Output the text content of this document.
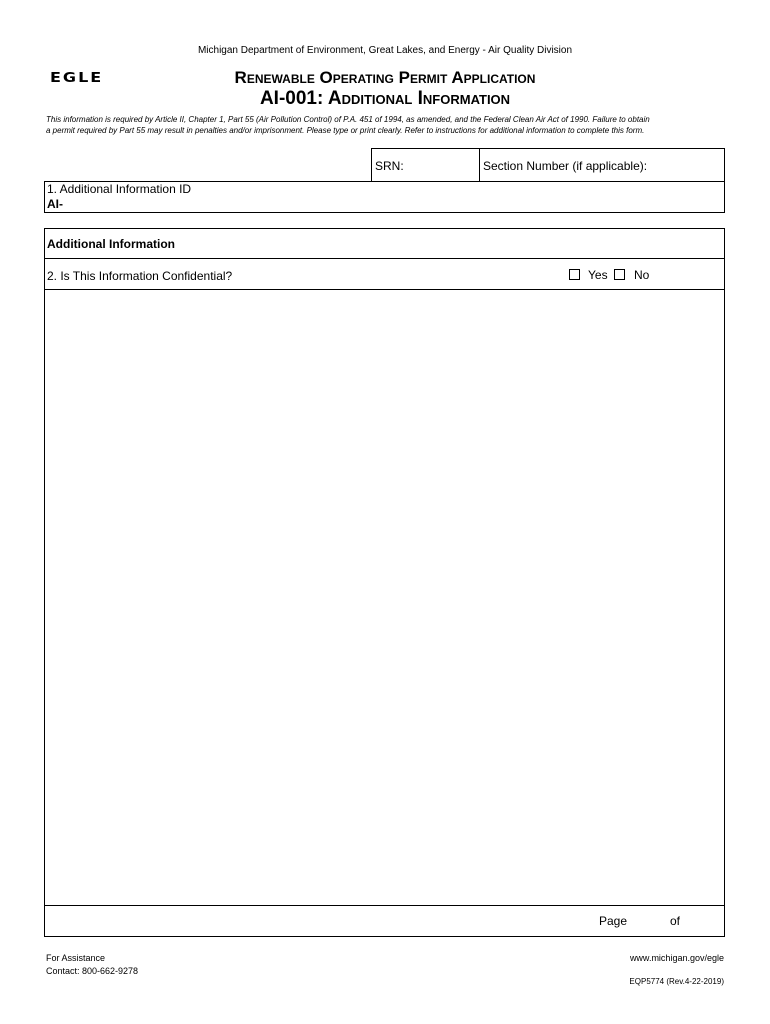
Michigan Department of Environment, Great Lakes, and Energy - Air Quality Division
EGLE	Renewable Operating Permit Application
AI-001: Additional Information
This information is required by Article II, Chapter 1, Part 55 (Air Pollution Control) of P.A. 451 of 1994, as amended, and the Federal Clean Air Act of 1990. Failure to obtain
a permit required by Part 55 may result in penalties and/or imprisonment. Please type or print clearly. Refer to instructions for additional information to complete this form.
SRN:	Section Number (if applicable):
1. Additional Information ID
AI-
Additional Information
2. Is This Information Confidential?	Yes No
Page	of
For Assistance
Contact: 800-662-9278
www.michigan.gov/egle
EQP5774 (Rev.4-22-2019)
